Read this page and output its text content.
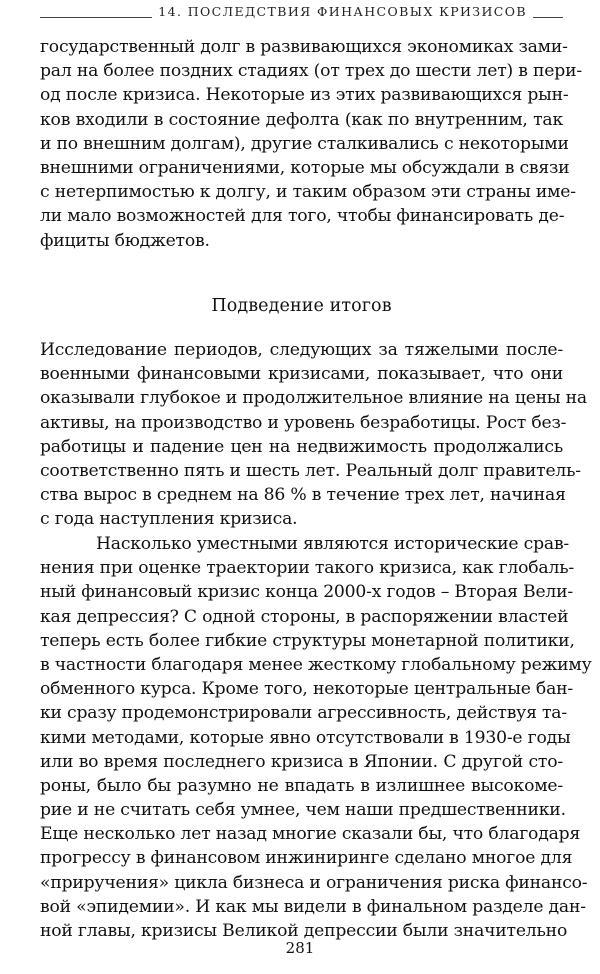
14. ПОСЛЕДСТВИЯ ФИНАНСОВЫХ КРИЗИСОВ
государственный долг в развивающихся экономиках зами-
рал на более поздних стадиях (от трех до шести лет) в пери-
од после кризиса. Некоторые из этих развивающихся рын-
ков входили в состояние дефолта (как по внутренним, так
и по внешним долгам), другие сталкивались с некоторыми
внешними ограничениями, которые мы обсуждали в связи
с нетерпимостью к долгу, и таким образом эти страны име-
ли мало возможностей для того, чтобы финансировать де-
фициты бюджетов.
Подведение итогов
Исследование периодов, следующих за тяжелыми после-
военными финансовыми кризисами, показывает, что они
оказывали глубокое и продолжительное влияние на цены на
активы, на производство и уровень безработицы. Рост без-
работицы и падение цен на недвижимость продолжались
соответственно пять и шесть лет. Реальный долг правитель-
ства вырос в среднем на 86 % в течение трех лет, начиная
с года наступления кризиса.
Насколько уместными являются исторические срав-
нения при оценке траектории такого кризиса, как глобаль-
ный финансовый кризис конца 2000-х годов – Вторая Вели-
кая депрессия? С одной стороны, в распоряжении властей
теперь есть более гибкие структуры монетарной политики,
в частности благодаря менее жесткому глобальному режиму
обменного курса. Кроме того, некоторые центральные бан-
ки сразу продемонстрировали агрессивность, действуя та-
кими методами, которые явно отсутствовали в 1930-е годы
или во время последнего кризиса в Японии. С другой сто-
роны, было бы разумно не впадать в излишнее высокоме-
рие и не считать себя умнее, чем наши предшественники.
Еще несколько лет назад многие сказали бы, что благодаря
прогрессу в финансовом инжиниринге сделано многое для
«приручения» цикла бизнеса и ограничения риска финансо-
вой «эпидемии». И как мы видели в финальном разделе дан-
ной главы, кризисы Великой депрессии были значительно
281
